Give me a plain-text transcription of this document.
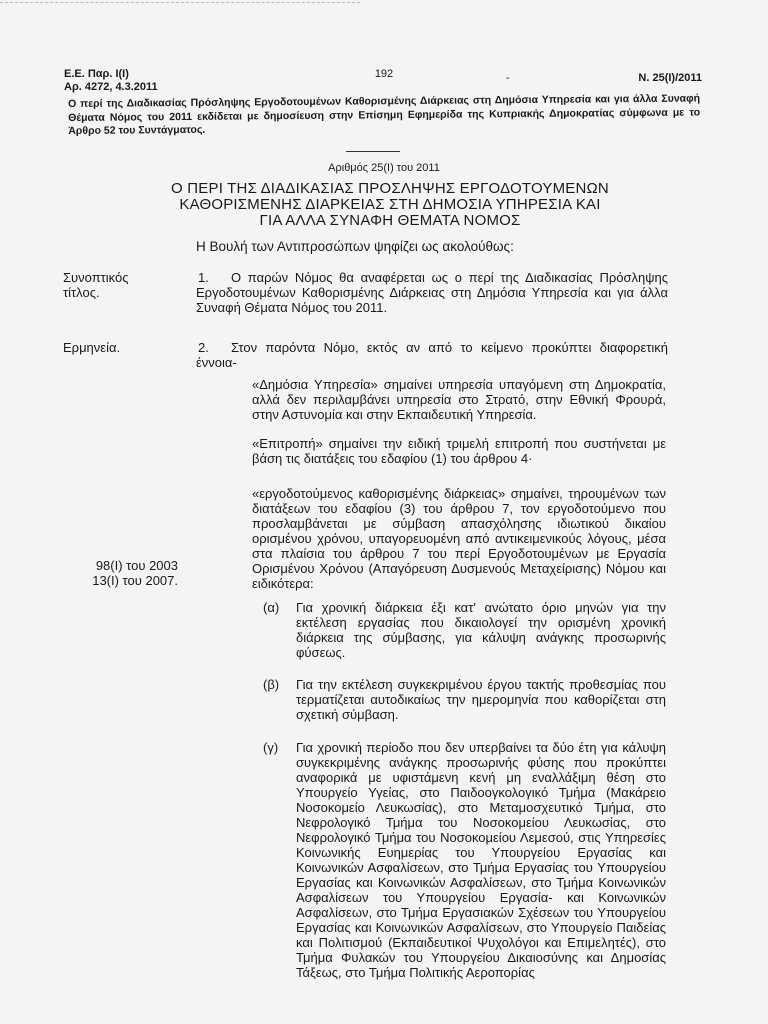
Ε.Ε. Παρ. Ι(Ι)
Αρ. 4272, 4.3.2011
192	-	Ν. 25(Ι)/2011
Ο περί της Διαδικασίας Πρόσληψης Εργοδοτουμένων Καθορισμένης Διάρκειας στη Δημόσια Υπηρεσία και για άλλα Συναφή Θέματα Νόμος του 2011 εκδίδεται με δημοσίευση στην Επίσημη Εφημερίδα της Κυπριακής Δημοκρατίας σύμφωνα με το Άρθρο 52 του Συντάγματος.
Αριθμός 25(Ι) του 2011
Ο ΠΕΡΙ ΤΗΣ ΔΙΑΔΙΚΑΣΙΑΣ ΠΡΟΣΛΗΨΗΣ ΕΡΓΟΔΟΤΟΥΜΕΝΩΝ
ΚΑΘΟΡΙΣΜΕΝΗΣ ΔΙΑΡΚΕΙΑΣ ΣΤΗ ΔΗΜΟΣΙΑ ΥΠΗΡΕΣΙΑ ΚΑΙ
ΓΙΑ ΑΛΛΑ ΣΥΝΑΦΗ ΘΕΜΑΤΑ ΝΟΜΟΣ
Η Βουλή των Αντιπροσώπων ψηφίζει ως ακολούθως:
Συνοπτικός
τίτλος.
1.	Ο παρών Νόμος θα αναφέρεται ως ο περί της Διαδικασίας Πρόσληψης Εργοδοτουμένων Καθορισμένης Διάρκειας στη Δημόσια Υπηρεσία και για άλλα Συναφή Θέματα Νόμος του 2011.
Ερμηνεία.	2.	Στον παρόντα Νόμο, εκτός αν από το κείμενο προκύπτει διαφορετική έννοια-
«Δημόσια Υπηρεσία» σημαίνει υπηρεσία υπαγόμενη στη Δημοκρατία, αλλά δεν περιλαμβάνει υπηρεσία στο Στρατό, στην Εθνική Φρουρά, στην Αστυνομία και στην Εκπαιδευτική Υπηρεσία.
«Επιτροπή» σημαίνει την ειδική τριμελή επιτροπή που συστήνεται με βάση τις διατάξεις του εδαφίου (1) του άρθρου 4·
«εργοδοτούμενος καθορισμένης διάρκειας» σημαίνει, τηρουμένων των διατάξεων του εδαφίου (3) του άρθρου 7, τον εργοδοτούμενο που προσλαμβάνεται με σύμβαση απασχόλησης ιδιωτικού δικαίου ορισμένου χρόνου, υπαγορευομένη από αντικειμενικούς λόγους, μέσα στα πλαίσια του άρθρου 7 του περί Εργοδοτουμένων με Εργασία Ορισμένου Χρόνου (Απαγόρευση Δυσμενούς Μεταχείρισης) Νόμου και ειδικότερα:
98(Ι) του 2003
13(Ι) του 2007.
(α) Για χρονική διάρκεια έξι κατ' ανώτατο όριο μηνών για την εκτέλεση εργασίας που δικαιολογεί την ορισμένη χρονική διάρκεια της σύμβασης, για κάλυψη ανάγκης προσωρινής φύσεως.
(β) Για την εκτέλεση συγκεκριμένου έργου τακτής προθεσμίας που τερματίζεται αυτοδικαίως την ημερομηνία που καθορίζεται στη σχετική σύμβαση.
(γ) Για χρονική περίοδο που δεν υπερβαίνει τα δύο έτη για κάλυψη συγκεκριμένης ανάγκης προσωρινής φύσης που προκύπτει αναφορικά με υφιστάμενη κενή μη εναλλάξιμη θέση στο Υπουργείο Υγείας, στο Παιδοογκολογικό Τμήμα (Μακάρειο Νοσοκομείο Λευκωσίας), στο Μεταμοσχευτικό Τμήμα, στο Νεφρολογικό Τμήμα του Νοσοκομείου Λευκωσίας, στο Νεφρολογικό Τμήμα του Νοσοκομείου Λεμεσού, στις Υπηρεσίες Κοινωνικής Ευημερίας του Υπουργείου Εργασίας και Κοινωνικών Ασφαλίσεων, στο Τμήμα Εργασίας του Υπουργείου Εργασίας και Κοινωνικών Ασφαλίσεων, στο Τμήμα Κοινωνικών Ασφαλίσεων του Υπουργείου Εργασία- και Κοινωνικών Ασφαλίσεων, στο Τμήμα Εργασιακών Σχέσεων του Υπουργείου Εργασίας και Κοινωνικών Ασφαλίσεων, στο Υπουργείο Παιδείας και Πολιτισμού (Εκπαιδευτικοί Ψυχολόγοι και Επιμελητές), στο Τμήμα Φυλακών του Υπουργείου Δικαιοσύνης και Δημοσίας Τάξεως, στο Τμήμα Πολιτικής Αεροπορίας
